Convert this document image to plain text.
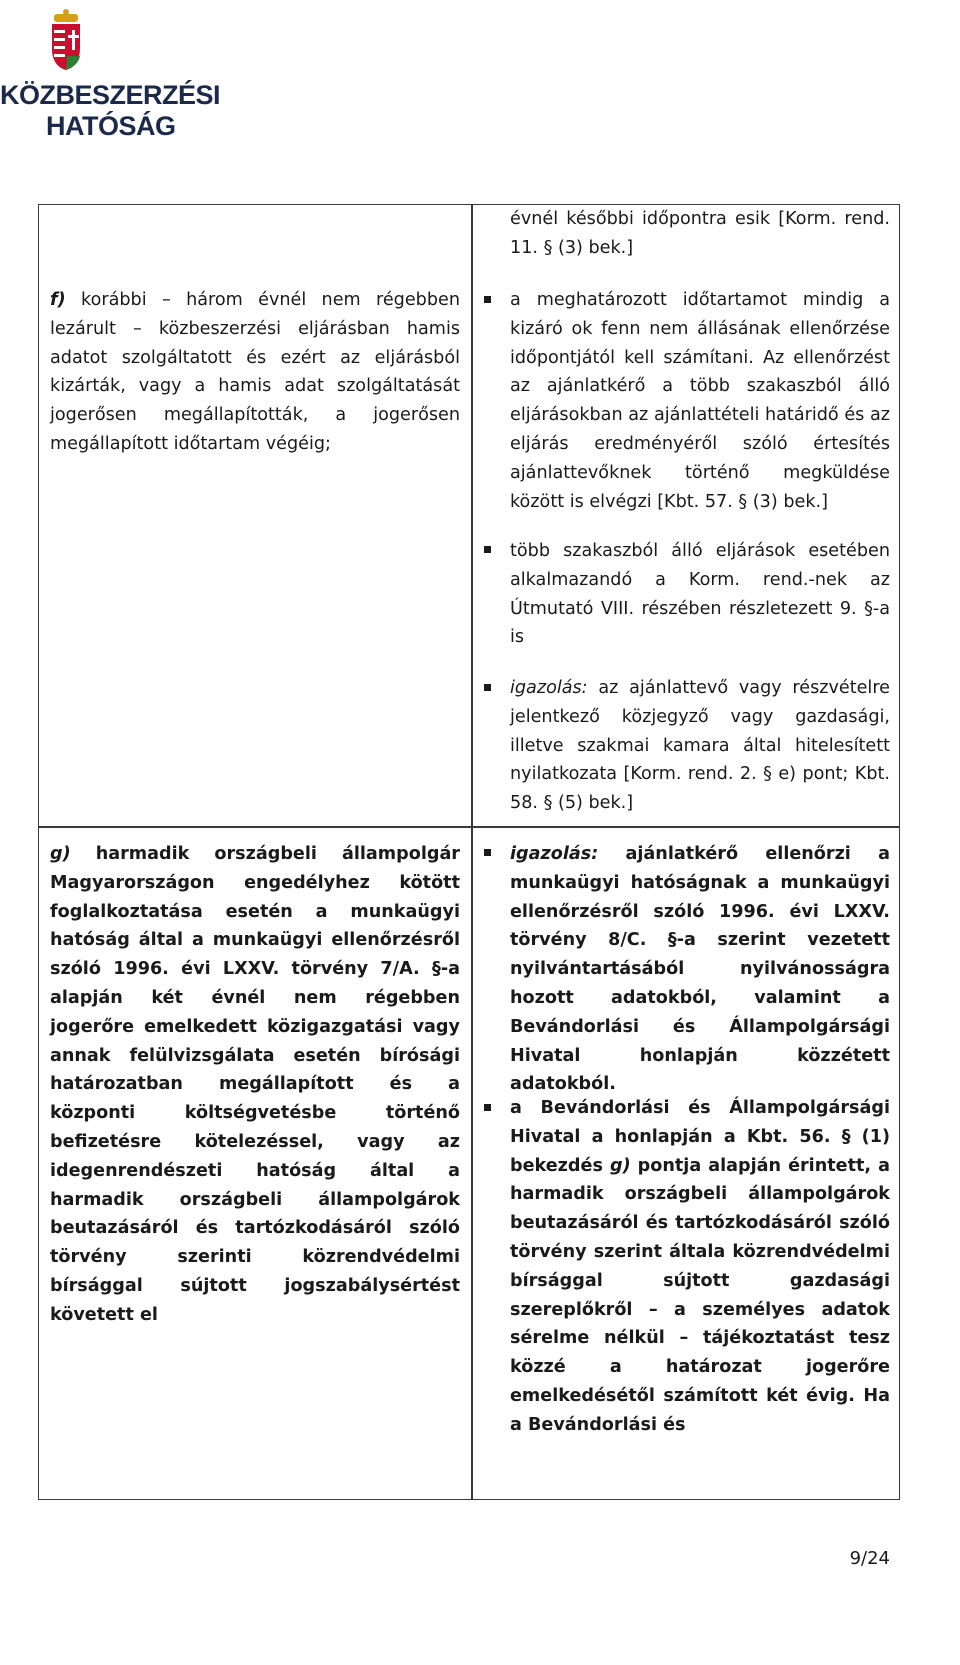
KÖZBESZERZÉSI
HATÓSÁG
évnél későbbi időpontra esik [Korm. rend. 11. § (3) bek.]
f) korábbi – három évnél nem régebben lezárult – közbeszerzési eljárásban hamis adatot szolgáltatott és ezért az eljárásból kizárták, vagy a hamis adat szolgáltatását jogerősen megállapították, a jogerősen megállapított időtartam végéig;
a meghatározott időtartamot mindig a kizáró ok fenn nem állásának ellenőrzése időpontjától kell számítani. Az ellenőrzést az ajánlatkérő a több szakaszból álló eljárásokban az ajánlattételi határidő és az eljárás eredményéről szóló értesítés ajánlattevőknek történő megküldése között is elvégzi [Kbt. 57. § (3) bek.]
több szakaszból álló eljárások esetében alkalmazandó a Korm. rend.-nek az Útmutató VIII. részében részletezett 9. §-a is
igazolás: az ajánlattevő vagy részvételre jelentkező közjegyző vagy gazdasági, illetve szakmai kamara által hitelesített nyilatkozata [Korm. rend. 2. § e) pont; Kbt. 58. § (5) bek.]
g) harmadik országbeli állampolgár Magyarországon engedélyhez kötött foglalkoztatása esetén a munkaügyi hatóság által a munkaügyi ellenőrzésről szóló 1996. évi LXXV. törvény 7/A. §-a alapján két évnél nem régebben jogerőre emelkedett közigazgatási vagy annak felülvizsgálata esetén bírósági határozatban megállapított és a központi költségvetésbe történő befizetésre kötelezéssel, vagy az idegenrendészeti hatóság által a harmadik országbeli állampolgárok beutazásáról és tartózkodásáról szóló törvény szerinti közrendvédelmi bírsággal sújtott jogszabálysértést követett el
igazolás: ajánlatkérő ellenőrzi a munkaügyi hatóságnak a munkaügyi ellenőrzésről szóló 1996. évi LXXV. törvény 8/C. §-a szerint vezetett nyilvántartásából nyilvánosságra hozott adatokból, valamint a Bevándorlási és Állampolgársági Hivatal honlapján közzétett adatokból.
a Bevándorlási és Állampolgársági Hivatal a honlapján a Kbt. 56. § (1) bekezdés g) pontja alapján érintett, a harmadik országbeli állampolgárok beutazásáról és tartózkodásáról szóló törvény szerint általa közrendvédelmi bírsággal sújtott gazdasági szereplőkről – a személyes adatok sérelme nélkül – tájékoztatást tesz közzé a határozat jogerőre emelkedésétől számított két évig. Ha a Bevándorlási és
9/24
